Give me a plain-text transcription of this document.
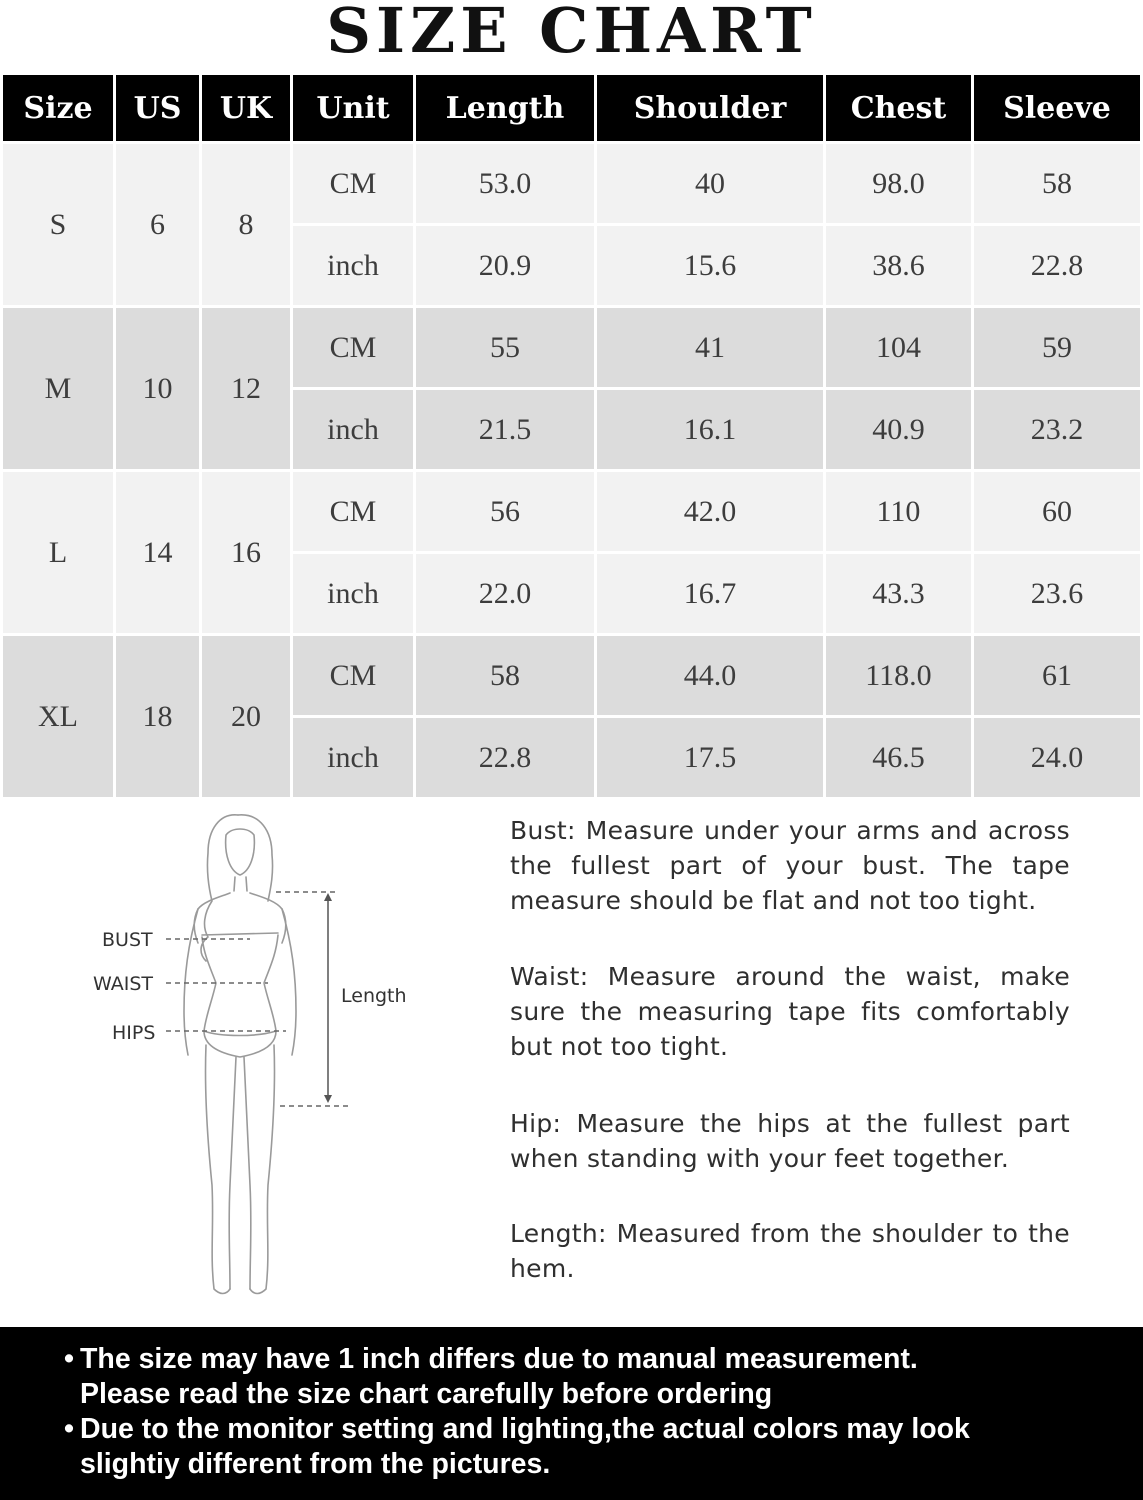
SIZE CHART
Size	US	UK	Unit	Length	Shoulder	Chest	Sleeve
S	6	8	CM	53.0	40	98.0	58
			inch	20.9	15.6	38.6	22.8
M	10	12	CM	55	41	104	59
			inch	21.5	16.1	40.9	23.2
L	14	16	CM	56	42.0	110	60
			inch	22.0	16.7	43.3	23.6
XL	18	20	CM	58	44.0	118.0	61
			inch	22.8	17.5	46.5	24.0
BUST
WAIST
HIPS
Length
Bust: Measure under your arms and across the fullest part of your bust. The tape measure should be flat and not too tight.
Waist: Measure around the waist, make sure the measuring tape fits comfortably but not too tight.
Hip: Measure the hips at the fullest part when standing with your feet together.
Length: Measured from the shoulder to the hem.
• The size may have 1 inch differs due to manual measurement.
Please read the size chart carefully before ordering
• Due to the monitor setting and lighting,the actual colors may look
slightiy different from the pictures.
